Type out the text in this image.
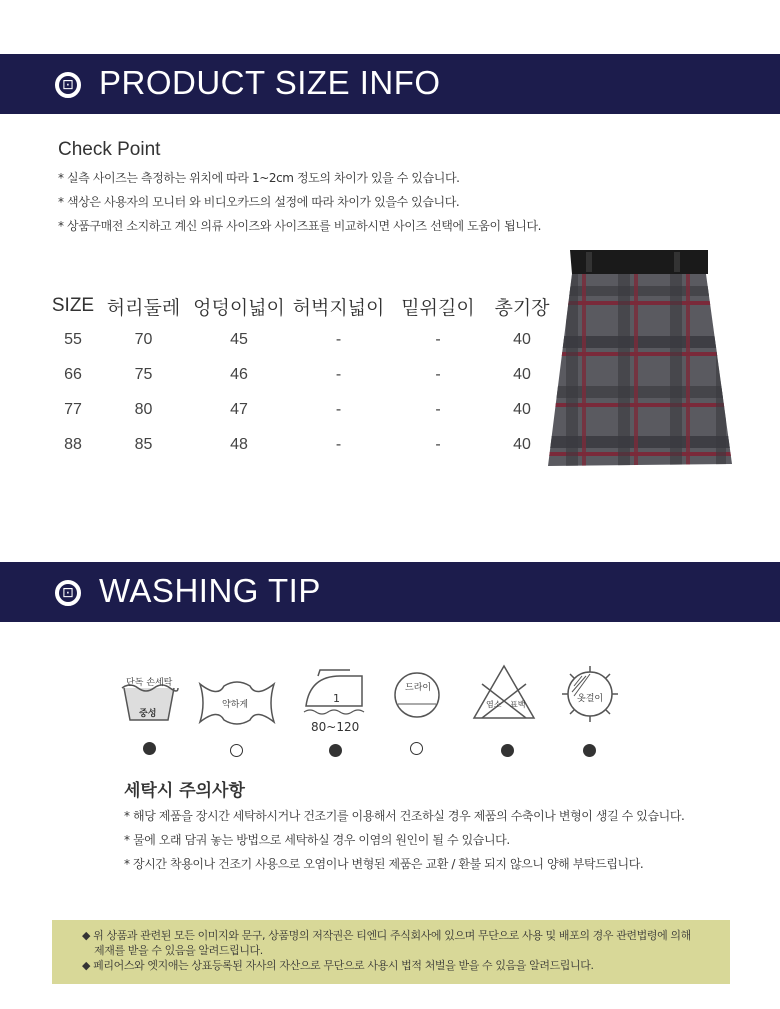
⊡
PRODUCT SIZE INFO
Check Point
* 실측 사이즈는 측정하는 위치에 따라 1~2cm 정도의 차이가 있을 수 있습니다.
* 색상은 사용자의 모니터 와 비디오카드의 설정에 따라 차이가 있을수 있습니다.
* 상품구매전 소지하고 계신 의류 사이즈와 사이즈표를 비교하시면 사이즈 선택에 도움이 됩니다.
SIZE	허리둘레	엉덩이넓이	허벅지넓이	밑위길이	총기장
55	70	45	-	-	40
66	75	46	-	-	40
77	80	47	-	-	40
88	85	48	-	-	40
⊡
WASHING TIP
단독 손세탁
중성
약하게	1
80~120
드라이
염소 표백
옷걸이
세탁시 주의사항
* 해당 제품을 장시간 세탁하시거나 건조기를 이용해서 건조하실 경우 제품의 수축이나 변형이 생길 수 있습니다.
* 물에 오래 담궈 놓는 방법으로 세탁하실 경우 이염의 원인이 될 수 있습니다.
* 장시간 착용이나 건조기 사용으로 오염이나 변형된 제품은 교환 / 환불 되지 않으니 양해 부탁드립니다.

◆ 위 상품과 관련된 모든 이미지와 문구, 상품명의 저작권은 티엔디 주식회사에 있으며 무단으로 사용 및 배포의 경우 관련법령에 의해

제재를 받을 수 있음을 알려드립니다.

◆ 페리어스와 엣지애는 상표등록된 자사의 자산으로 무단으로 사용시 법적 처벌을 받을 수 있음을 알려드립니다.
